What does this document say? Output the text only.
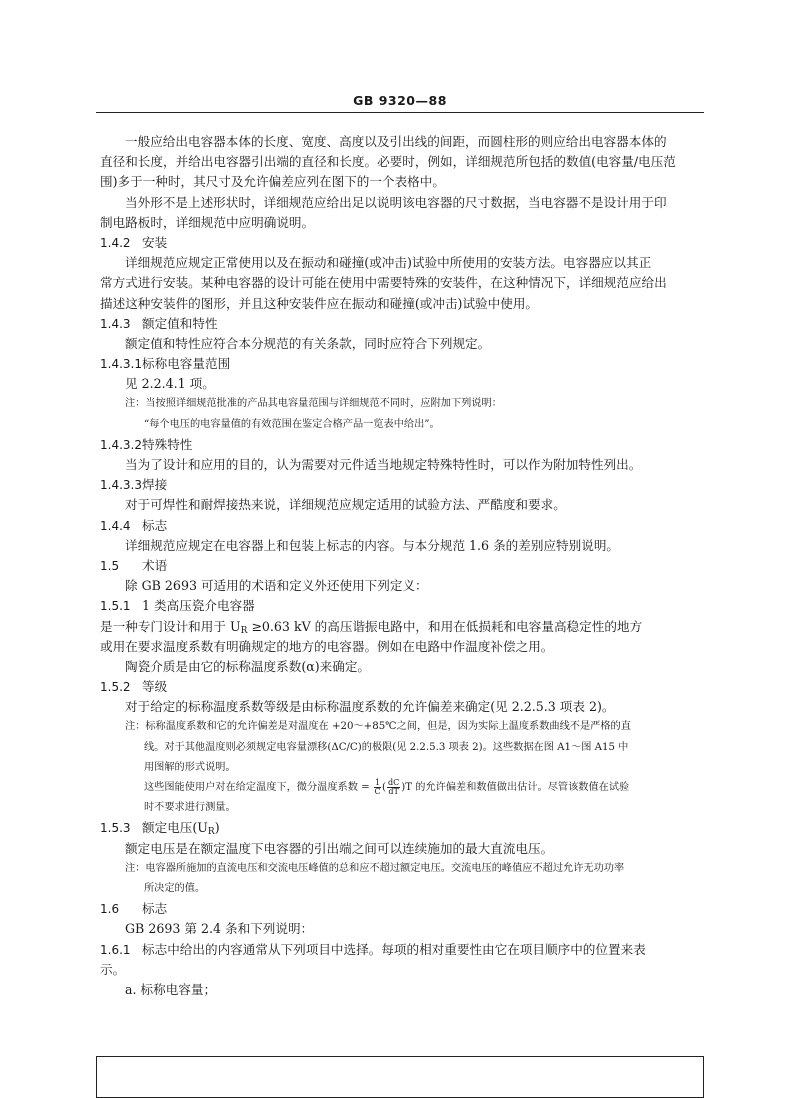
GB 9320—88
一般应给出电容器本体的长度、宽度、高度以及引出线的间距，而圆柱形的则应给出电容器本体的
直径和长度，并给出电容器引出端的直径和长度。必要时，例如，详细规范所包括的数值(电容量/电压范
围)多于一种时，其尺寸及允许偏差应列在图下的一个表格中。
当外形不是上述形状时，详细规范应给出足以说明该电容器的尺寸数据，当电容器不是设计用于印
制电路板时，详细规范中应明确说明。
1.4.2 安装
详细规范应规定正常使用以及在振动和碰撞(或冲击)试验中所使用的安装方法。电容器应以其正
常方式进行安装。某种电容器的设计可能在使用中需要特殊的安装件，在这种情况下，详细规范应给出
描述这种安装件的图形，并且这种安装件应在振动和碰撞(或冲击)试验中使用。
1.4.3 额定值和特性
额定值和特性应符合本分规范的有关条款，同时应符合下列规定。
1.4.3.1标称电容量范围
见 2.2.4.1 项。
注：当按照详细规范批准的产品其电容量范围与详细规范不同时，应附加下列说明：
“每个电压的电容量值的有效范围在鉴定合格产品一览表中给出”。
1.4.3.2特殊特性
当为了设计和应用的目的，认为需要对元件适当地规定特殊特性时，可以作为附加特性列出。
1.4.3.3焊接
对于可焊性和耐焊接热来说，详细规范应规定适用的试验方法、严酷度和要求。
1.4.4 标志
详细规范应规定在电容器上和包装上标志的内容。与本分规范 1.6 条的差别应特别说明。
1.5 术语
除 GB 2693 可适用的术语和定义外还使用下列定义：
1.5.1 1 类高压瓷介电容器
是一种专门设计和用于 $U_R \ge 0.63$ kV 的高压谐振电路中，和用在低损耗和电容量高稳定性的地方
或用在要求温度系数有明确规定的地方的电容器。例如在电路中作温度补偿之用。
陶瓷介质是由它的标称温度系数(α)来确定。
1.5.2 等级
对于给定的标称温度系数等级是由标称温度系数的允许偏差来确定(见 2.2.5.3 项表 2)。
注：标称温度系数和它的允许偏差是对温度在 +20～+85℃之间，但是，因为实际上温度系数曲线不是严格的直
线。对于其他温度则必须规定电容量漂移(ΔC/C)的极限(见 2.2.5.3 项表 2)。这些数据在图 A1～图 A15 中
用图解的形式说明。
这些图能使用户对在给定温度下，微分温度系数 = $\frac{1}{C}$ ( $\frac{dC}{dT} )T$ 的允许偏差和数值做出估计。尽管该数值在试验
时不要求进行测量。
1.5.3 额定电压$(U_R)$
额定电压是在额定温度下电容器的引出端之间可以连续施加的最大直流电压。
注：电容器所施加的直流电压和交流电压峰值的总和应不超过额定电压。交流电压的峰值应不超过允许无功功率
所决定的值。
1.6 标志
GB 2693 第 2.4 条和下列说明：
1.6.1 标志中给出的内容通常从下列项目中选择。每项的相对重要性由它在项目顺序中的位置来表
示。
a. 标称电容量；
